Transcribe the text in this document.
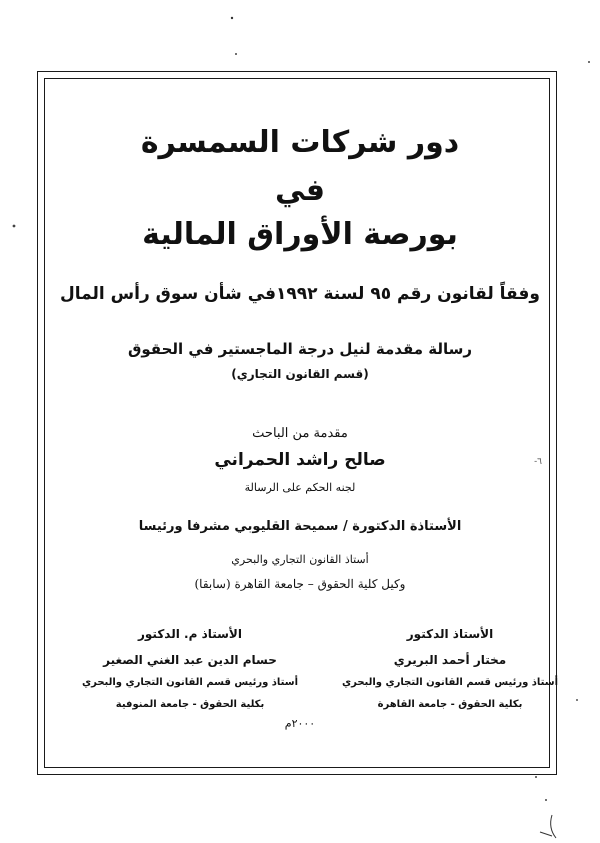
دور شركات السمسرة
في
بورصة الأوراق المالية
وفقاً لقانون رقم ٩٥ لسنة ١٩٩٢في شأن سوق رأس المال
رسالة مقدمة لنيل درجة الماجستير في الحقوق
(قسم القانون التجاري)
مقدمة من الباحث
صالح راشد الحمراني
لجنه الحكم على الرسالة
الأستاذة الدكتورة / سميحة القليوبي مشرفا ورئيسا
أستاذ القانون التجاري والبحري
وكيل كلية الحقوق – جامعة القاهرة (سابقا)
الأستاذ الدكتور
مختار أحمد البريري
أستاذ ورئيس قسم القانون التجاري والبحري
بكلية الحقوق - جامعة القاهرة
الأستاذ م. الدكتور
حسام الدين عبد الغني الصغير
أستاذ ورئيس قسم القانون التجاري والبحري
بكلية الحقوق - جامعة المنوفية
٢٠٠٠م
-٦
